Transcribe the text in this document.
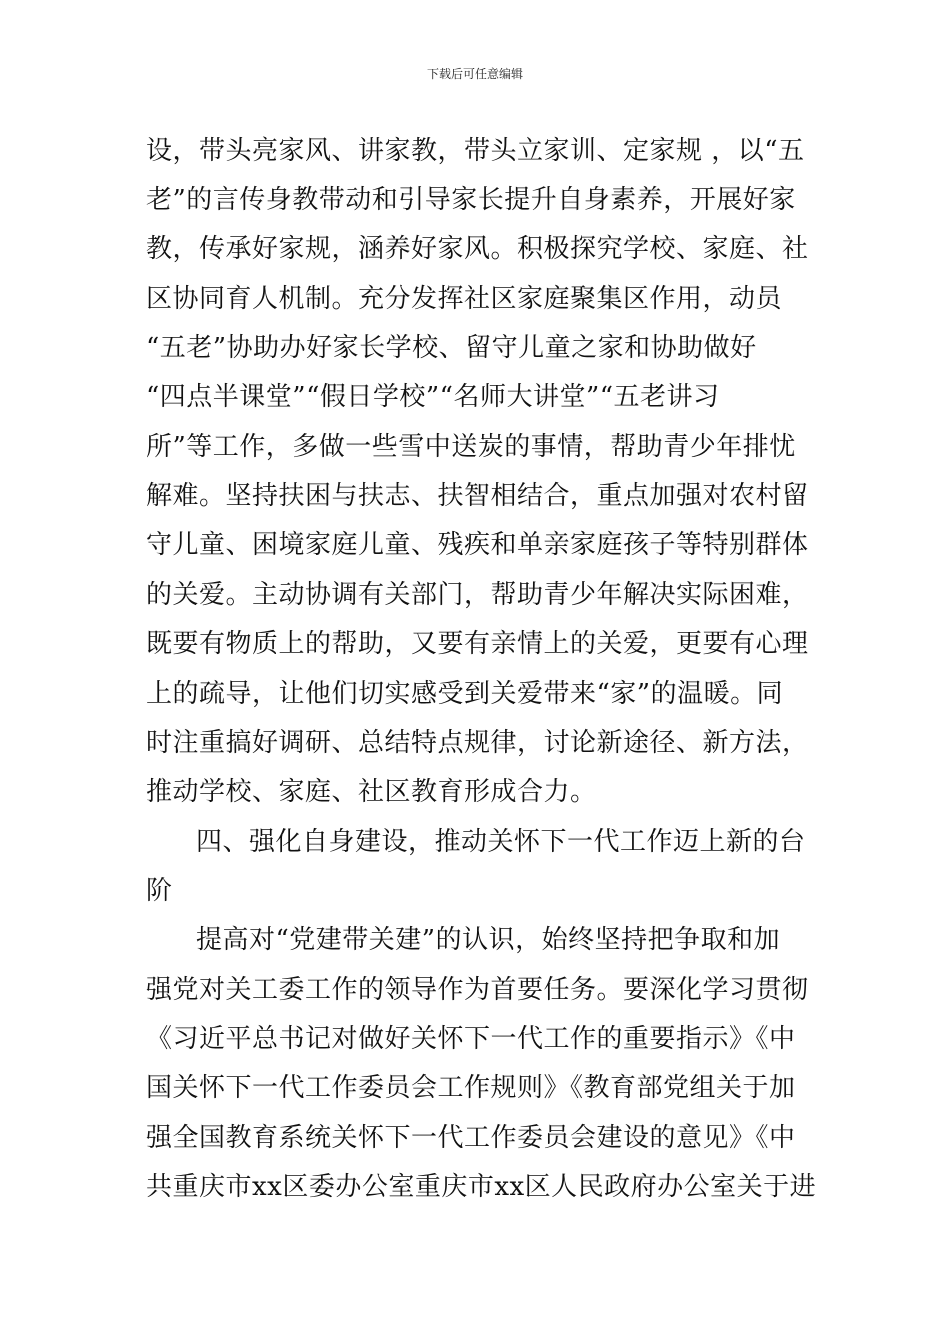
下载后可任意编辑
设，带头亮家风、讲家教，带头立家训、定家规 ，以“五
老”的言传身教带动和引导家长提升自身素养，开展好家
教，传承好家规，涵养好家风。积极探究学校、家庭、社
区协同育人机制。充分发挥社区家庭聚集区作用，动员
“五老”协助办好家长学校、留守儿童之家和协助做好
“四点半课堂”“假日学校”“名师大讲堂”“五老讲习
所”等工作，多做一些雪中送炭的事情，帮助青少年排忧
解难。坚持扶困与扶志、扶智相结合，重点加强对农村留
守儿童、困境家庭儿童、残疾和单亲家庭孩子等特别群体
的关爱。主动协调有关部门，帮助青少年解决实际困难，
既要有物质上的帮助，又要有亲情上的关爱，更要有心理
上的疏导，让他们切实感受到关爱带来“家”的温暖。同
时注重搞好调研、总结特点规律，讨论新途径、新方法，
推动学校、家庭、社区教育形成合力。
四、强化自身建设，推动关怀下一代工作迈上新的台
阶
提高对“党建带关建”的认识，始终坚持把争取和加
强党对关工委工作的领导作为首要任务。要深化学习贯彻
《习近平总书记对做好关怀下一代工作的重要指示》《中
国关怀下一代工作委员会工作规则》《教育部党组关于加
强全国教育系统关怀下一代工作委员会建设的意见》《中
共重庆市xx区委办公室重庆市xx区人民政府办公室关于进
